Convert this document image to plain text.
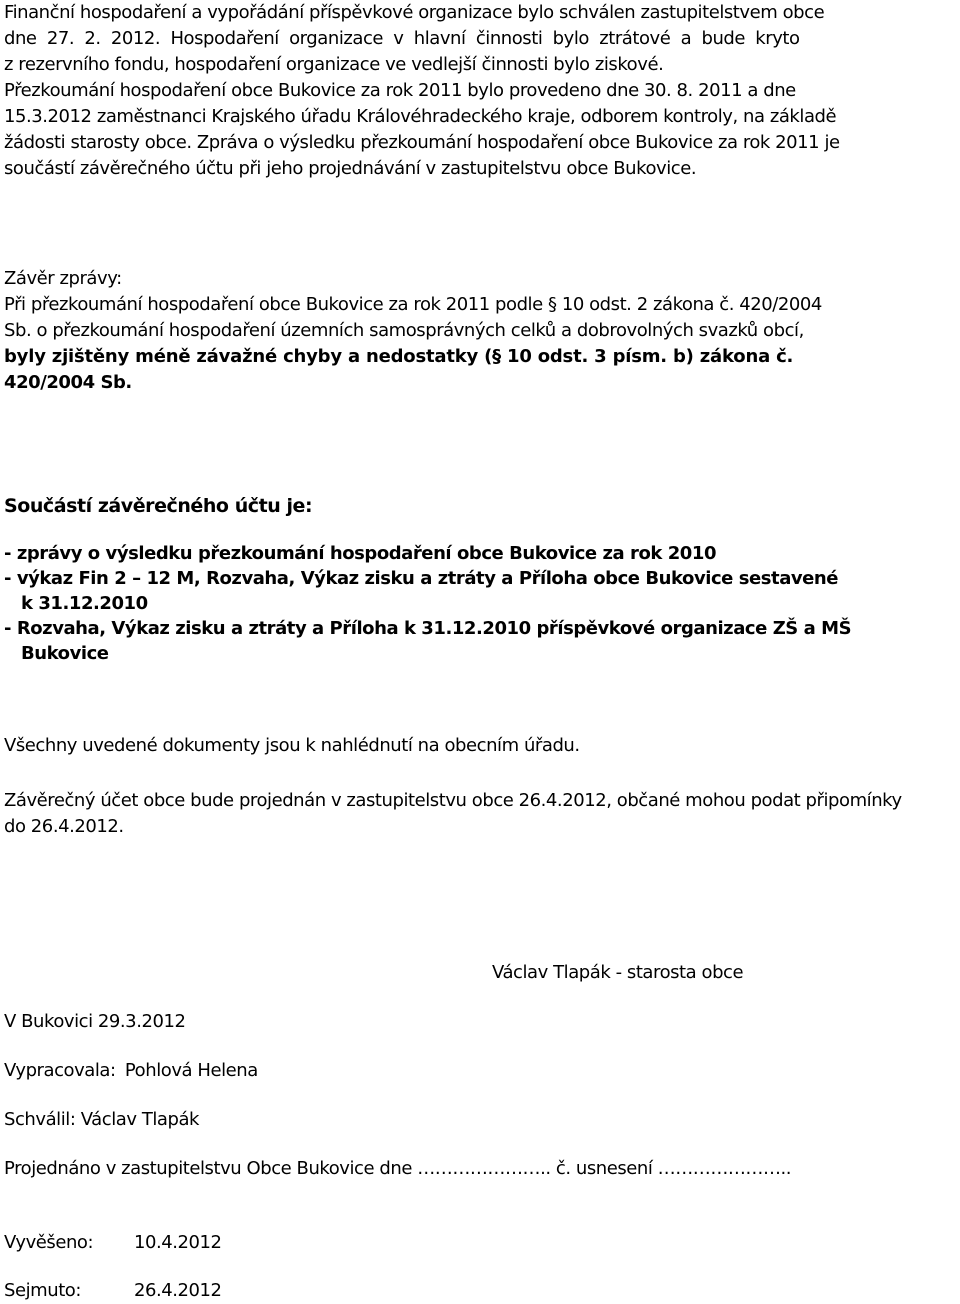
Finanční hospodaření a vypořádání příspěvkové organizace bylo schválen zastupitelstvem obce

dne 27. 2. 2012. Hospodaření organizace v hlavní činnosti bylo ztrátové a bude kryto

z rezervního fondu, hospodaření organizace ve vedlejší činnosti bylo ziskové.

Přezkoumání hospodaření obce Bukovice za rok 2011 bylo provedeno dne 30. 8. 2011 a dne

15.3.2012 zaměstnanci Krajského úřadu Královéhradeckého kraje, odborem kontroly, na základě

žádosti starosty obce. Zpráva o výsledku přezkoumání hospodaření obce Bukovice za rok 2011 je

součástí závěrečného účtu při jeho projednávání v zastupitelstvu obce Bukovice.

Závěr zprávy:

Při přezkoumání hospodaření obce Bukovice za rok 2011 podle § 10 odst. 2 zákona č. 420/2004

Sb. o přezkoumání hospodaření územních samosprávných celků a dobrovolných svazků obcí,

byly zjištěny méně závažné chyby a nedostatky (§ 10 odst. 3 písm. b) zákona č.

420/2004 Sb.

Součástí závěrečného účtu je:

- zprávy o výsledku přezkoumání hospodaření obce Bukovice za rok 2010

- výkaz Fin 2 – 12 M, Rozvaha, Výkaz zisku a ztráty a Příloha obce Bukovice sestavené

k 31.12.2010

- Rozvaha, Výkaz zisku a ztráty a Příloha k 31.12.2010 příspěvkové organizace ZŠ a MŠ

Bukovice

Všechny uvedené dokumenty jsou k nahlédnutí na obecním úřadu.

Závěrečný účet obce bude projednán v zastupitelstvu obce 26.4.2012, občané mohou podat připomínky

do 26.4.2012.

Václav Tlapák - starosta obce

V Bukovici 29.3.2012

Vypracovala: Pohlová Helena

Schválil: Václav Tlapák

Projednáno v zastupitelstvu Obce Bukovice dne ………………….. č. usnesení …………………..

Vyvěšeno: 10.4.2012

Sejmuto:	26.4.2012
